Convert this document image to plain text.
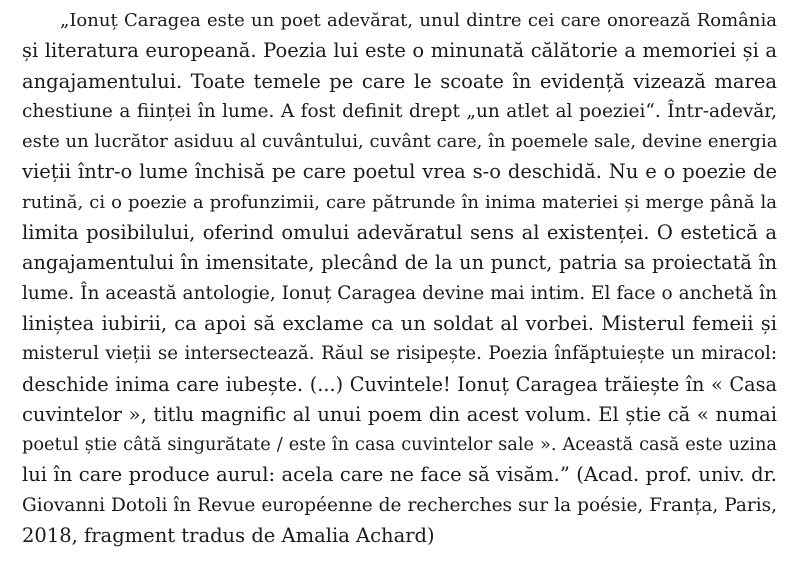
„Ionuț Caragea este un poet adevărat, unul dintre cei care onorează România
și literatura europeană. Poezia lui este o minunată călătorie a memoriei și a
angajamentului. Toate temele pe care le scoate în evidență vizează marea
chestiune a ființei în lume. A fost definit drept „un atlet al poeziei“. Într-adevăr,
este un lucrător asiduu al cuvântului, cuvânt care, în poemele sale, devine energia
vieții într-o lume închisă pe care poetul vrea s-o deschidă. Nu e o poezie de
rutină, ci o poezie a profunzimii, care pătrunde în inima materiei și merge până la
limita posibilului, oferind omului adevăratul sens al existenței. O estetică a
angajamentului în imensitate, plecând de la un punct, patria sa proiectată în
lume. În această antologie, Ionuț Caragea devine mai intim. El face o anchetă în
liniștea iubirii, ca apoi să exclame ca un soldat al vorbei. Misterul femeii și
misterul vieții se intersectează. Răul se risipește. Poezia înfăptuiește un miracol:
deschide inima care iubește. (...) Cuvintele! Ionuț Caragea trăiește în « Casa
cuvintelor », titlu magnific al unui poem din acest volum. El știe că « numai
poetul știe câtă singurătate / este în casa cuvintelor sale ». Această casă este uzina
lui în care produce aurul: acela care ne face să visăm.” (Acad. prof. univ. dr.
Giovanni Dotoli în Revue européenne de recherches sur la poésie, Franța, Paris,
2018, fragment tradus de Amalia Achard)
